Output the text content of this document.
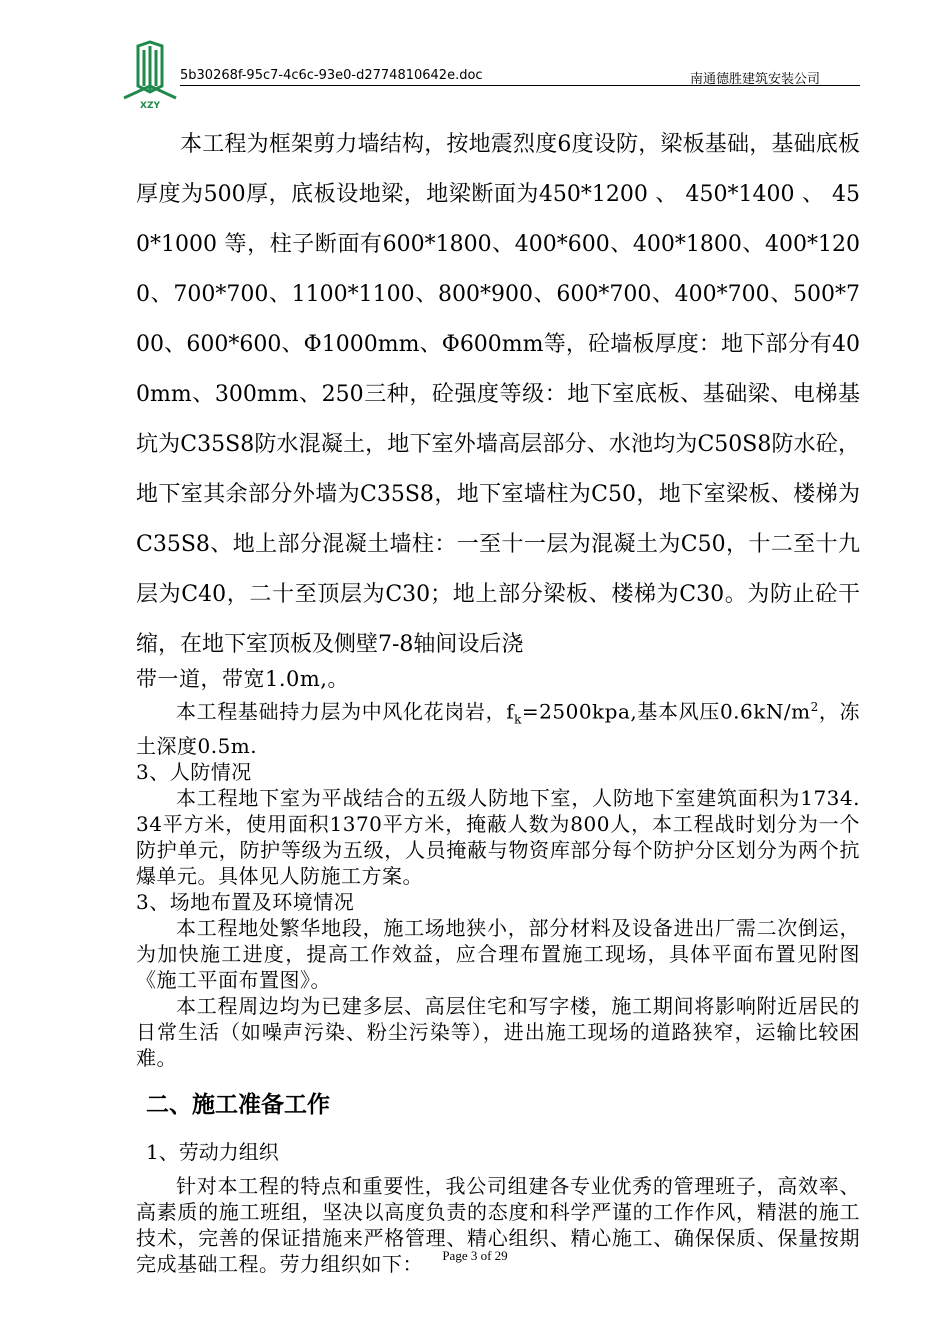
XZY
5b30268f-95c7-4c6c-93e0-d2774810642e.doc	南通德胜建筑安装公司

本工程为框架剪力墙结构，按地震烈度6度设防，梁板基础，基础底板厚度为500厚，底板设地梁，地梁断面为450*1200 、 450*1400 、 450*1000 等，柱子断面有600*1800、400*600、400*1800、400*1200、700*700、1100*1100、800*900、600*700、400*700、500*700、600*600、Φ1000mm、Φ600mm等，砼墙板厚度：地下部分有400mm、300mm、250三种，砼强度等级：地下室底板、基础梁、电梯基坑为C35S8防水混凝土，地下室外墙高层部分、水池均为C50S8防水砼，地下室其余部分外墙为C35S8，地下室墙柱为C50，地下室梁板、楼梯为C35S8、地上部分混凝土墙柱：一至十一层为混凝土为C50，十二至十九层为C40，二十至顶层为C30；地上部分梁板、楼梯为C30。为防止砼干缩，在地下室顶板及侧壁7-8轴间设后浇

带一道，带宽1.0m,。

本工程基础持力层为中风化花岗岩，$f_k=2500kpa$,基本风压$0.6kN/m^2$，冻土深度0.5m.

3、人防情况

本工程地下室为平战结合的五级人防地下室，人防地下室建筑面积为1734.34平方米，使用面积1370平方米，掩蔽人数为800人，本工程战时划分为一个防护单元，防护等级为五级，人员掩蔽与物资库部分每个防护分区划分为两个抗爆单元。具体见人防施工方案。

3、场地布置及环境情况

本工程地处繁华地段，施工场地狭小，部分材料及设备进出厂需二次倒运，为加快施工进度，提高工作效益，应合理布置施工现场，具体平面布置见附图《施工平面布置图》。

本工程周边均为已建多层、高层住宅和写字楼，施工期间将影响附近居民的日常生活（如噪声污染、粉尘污染等），进出施工现场的道路狭窄，运输比较困难。

二、施工准备工作
1、劳动力组织

针对本工程的特点和重要性，我公司组建各专业优秀的管理班子，高效率、高素质的施工班组，坚决以高度负责的态度和科学严谨的工作作风，精湛的施工技术，完善的保证措施来严格管理、精心组织、精心施工、确保保质、保量按期完成基础工程。劳力组织如下：	Page 3 of 29
